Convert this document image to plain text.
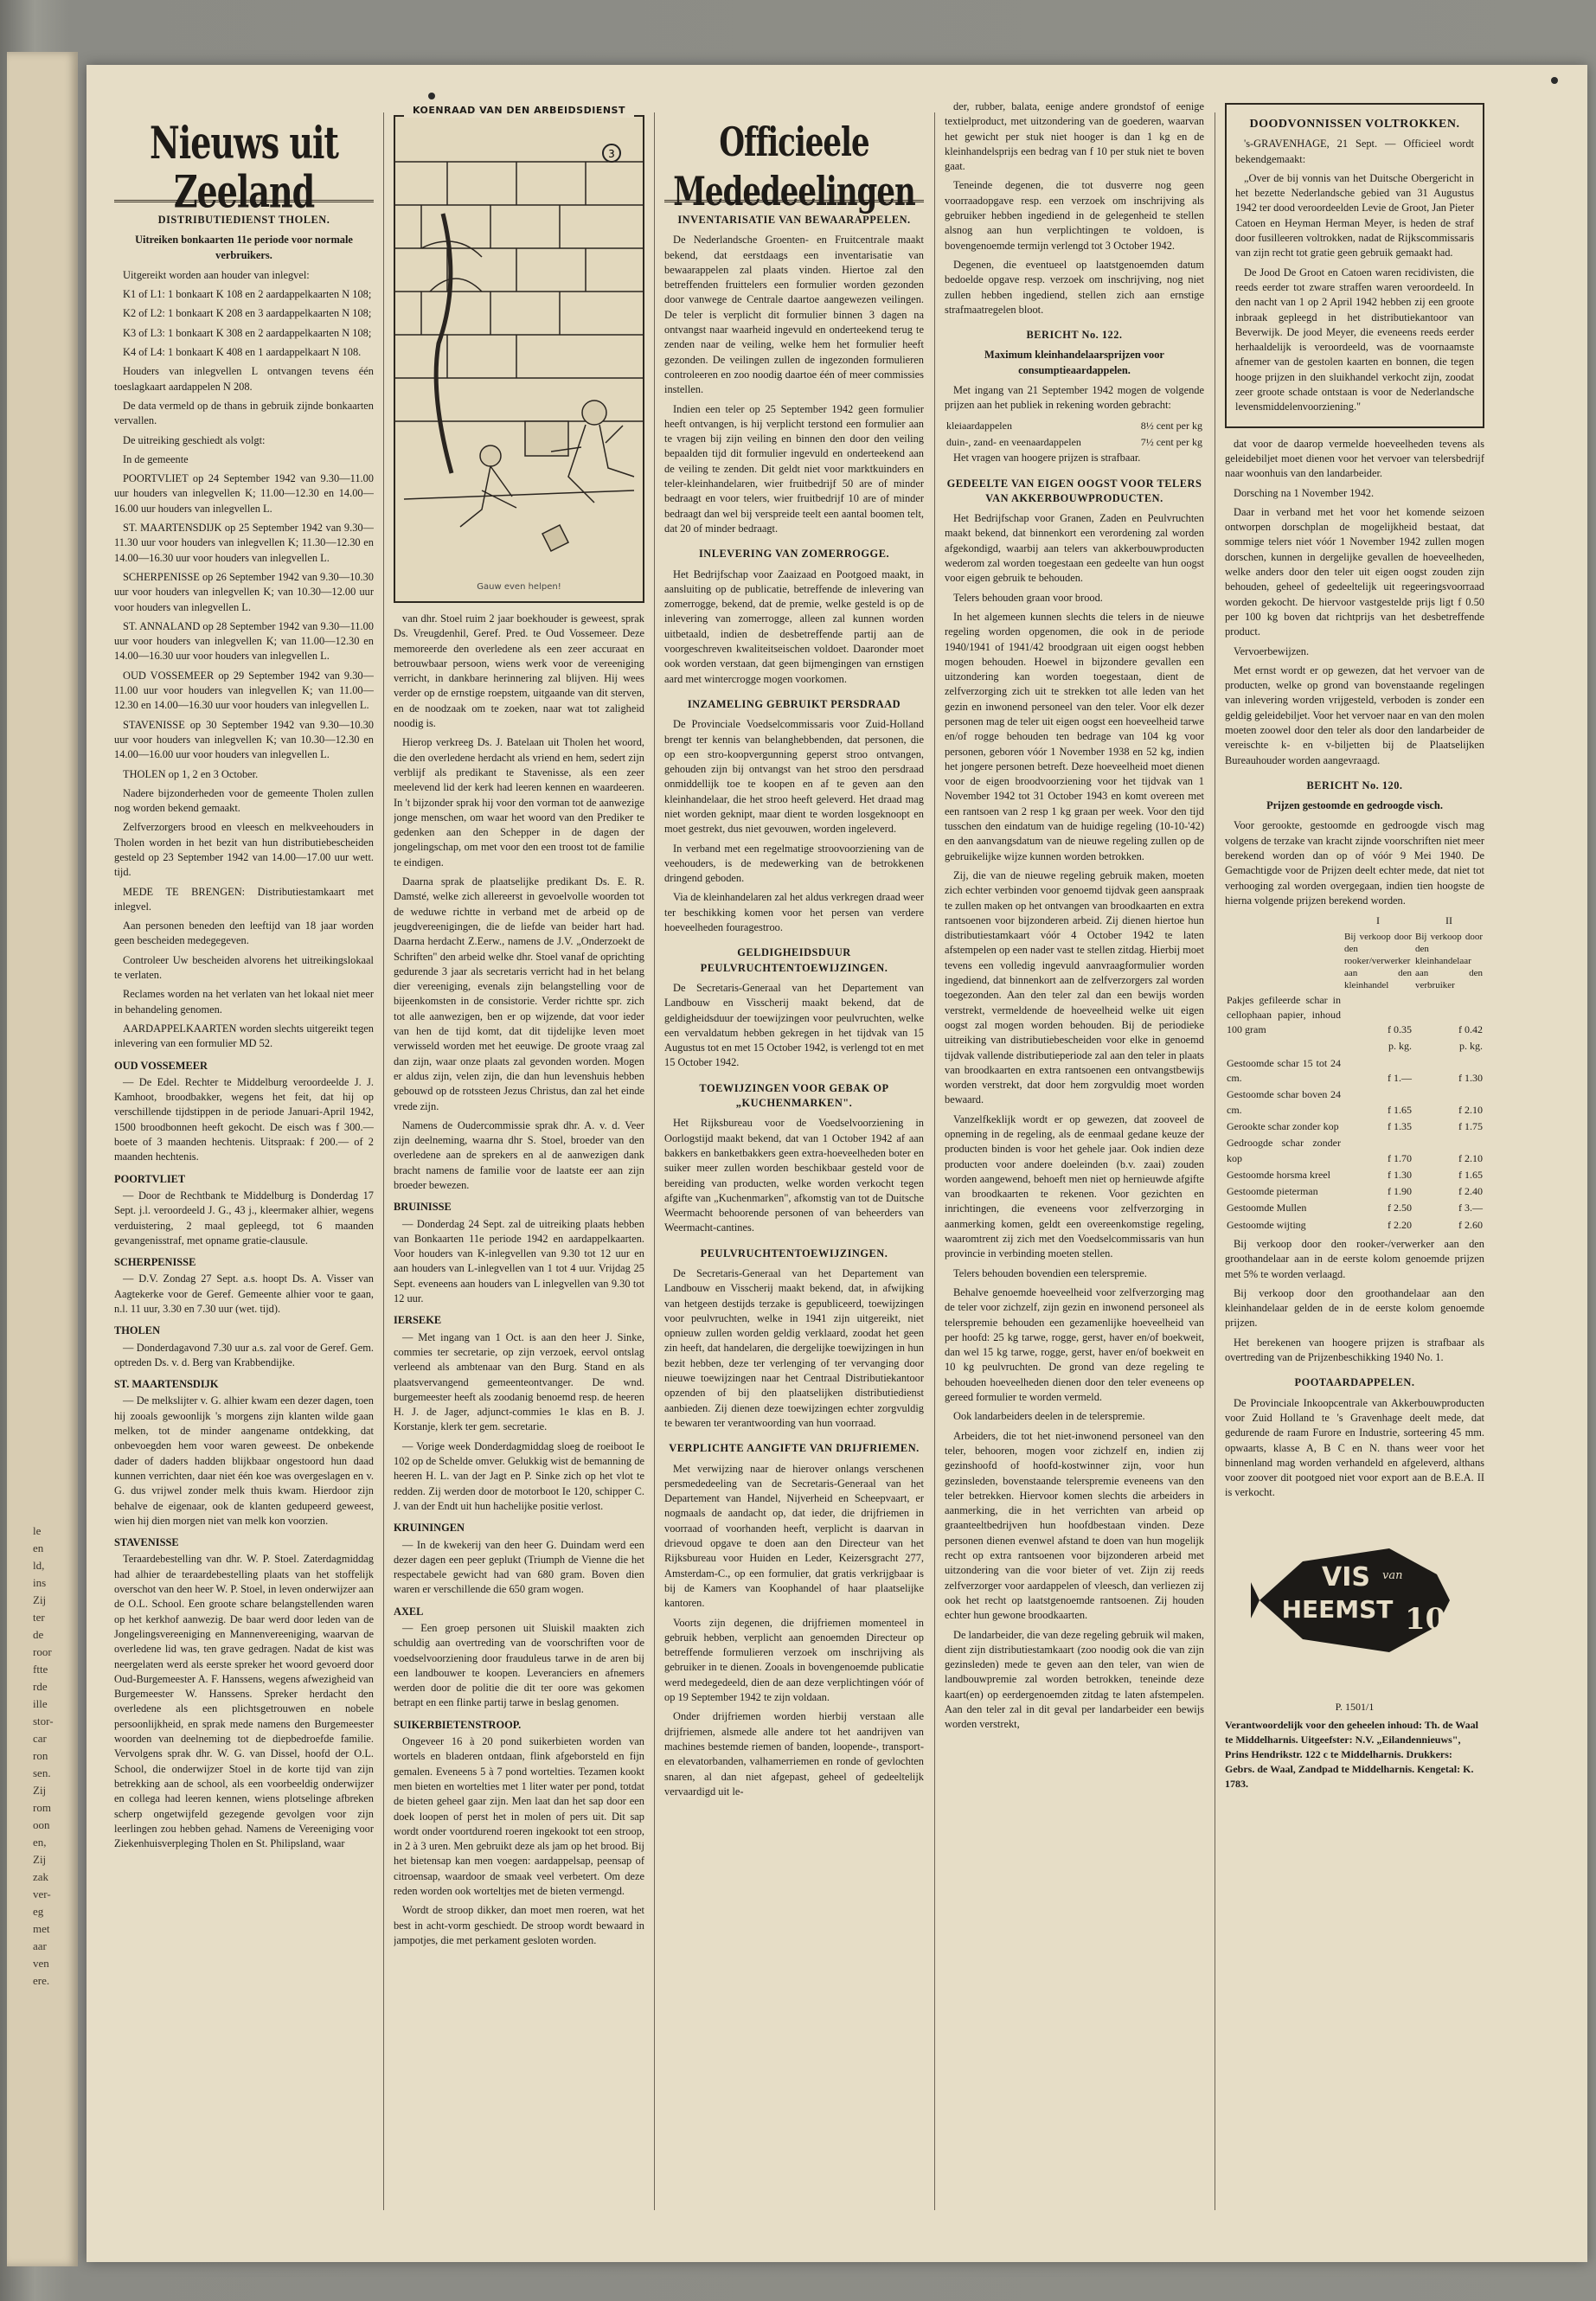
le
en
ld,
ins
Zij
ter
de
roor
ftte
rde
ille
stor-
car
ron
sen.
Zij
rom
oon
en,
Zij
zak
ver-
eg
met
aar
ven
ere.
Nieuws uit Zeeland
DISTRIBUTIEDIENST THOLEN.

Uitreiken bonkaarten 11e periode voor normale verbruikers.

Uitgereikt worden aan houder van inlegvel:

K1 of L1: 1 bonkaart K 108 en 2 aardappelkaarten N 108;

K2 of L2: 1 bonkaart K 208 en 3 aardappelkaarten N 108;

K3 of L3: 1 bonkaart K 308 en 2 aardappelkaarten N 108;

K4 of L4: 1 bonkaart K 408 en 1 aardappelkaart N 108.

Houders van inlegvellen L ontvangen tevens één toeslagkaart aardappelen N 208.

De data vermeld op de thans in gebruik zijnde bonkaarten vervallen.

De uitreiking geschiedt als volgt:

In de gemeente

POORTVLIET op 24 September 1942 van 9.30—11.00 uur houders van inlegvellen K; 11.00—12.30 en 14.00—16.00 uur houders van inlegvellen L.

ST. MAARTENSDIJK op 25 September 1942 van 9.30—11.30 uur voor houders van inlegvellen K; 11.30—12.30 en 14.00—16.30 uur voor houders van inlegvellen L.

SCHERPENISSE op 26 September 1942 van 9.30—10.30 uur voor houders van inlegvellen K; van 10.30—12.00 uur voor houders van inlegvellen L.

ST. ANNALAND op 28 September 1942 van 9.30—11.00 uur voor houders van inlegvellen K; van 11.00—12.30 en 14.00—16.30 uur voor houders van inlegvellen L.

OUD VOSSEMEER op 29 September 1942 van 9.30—11.00 uur voor houders van inlegvellen K; van 11.00—12.30 en 14.00—16.30 uur voor houders van inlegvellen L.

STAVENISSE op 30 September 1942 van 9.30—10.30 uur voor houders van inlegvellen K; van 10.30—12.30 en 14.00—16.00 uur voor houders van inlegvellen L.

THOLEN op 1, 2 en 3 October.

Nadere bijzonderheden voor de gemeente Tholen zullen nog worden bekend gemaakt.

Zelfverzorgers brood en vleesch en melkveehouders in Tholen worden in het bezit van hun distributiebescheiden gesteld op 23 September 1942 van 14.00—17.00 uur wett. tijd.

MEDE TE BRENGEN: Distributiestamkaart met inlegvel.

Aan personen beneden den leeftijd van 18 jaar worden geen bescheiden medegegeven.

Controleer Uw bescheiden alvorens het uitreikingslokaal te verlaten.

Reclames worden na het verlaten van het lokaal niet meer in behandeling genomen.

AARDAPPELKAARTEN worden slechts uitgereikt tegen inlevering van een formulier MD 52.

OUD VOSSEMEER

— De Edel. Rechter te Middelburg veroordeelde J. J. Kamhoot, broodbakker, wegens het feit, dat hij op verschillende tijdstippen in de periode Januari-April 1942, 1500 broodbonnen heeft gekocht. De eisch was f 300.— boete of 3 maanden hechtenis. Uitspraak: f 200.— of 2 maanden hechtenis.

POORTVLIET

— Door de Rechtbank te Middelburg is Donderdag 17 Sept. j.l. veroordeeld J. G., 43 j., kleermaker alhier, wegens verduistering, 2 maal gepleegd, tot 6 maanden gevangenisstraf, met opname gratie-clausule.

SCHERPENISSE

— D.V. Zondag 27 Sept. a.s. hoopt Ds. A. Visser van Aagtekerke voor de Geref. Gemeente alhier voor te gaan, n.l. 11 uur, 3.30 en 7.30 uur (wet. tijd).

THOLEN

— Donderdagavond 7.30 uur a.s. zal voor de Geref. Gem. optreden Ds. v. d. Berg van Krabbendijke.

ST. MAARTENSDIJK

— De melkslijter v. G. alhier kwam een dezer dagen, toen hij zooals gewoonlijk 's morgens zijn klanten wilde gaan melken, tot de minder aangename ontdekking, dat onbevoegden hem voor waren geweest. De onbekende dader of daders hadden blijkbaar ongestoord hun daad kunnen verrichten, daar niet één koe was overgeslagen en v. G. dus vrijwel zonder melk thuis kwam. Hierdoor zijn behalve de eigenaar, ook de klanten gedupeerd geweest, wien hij dien morgen niet van melk kon voorzien.

STAVENISSE

Teraardebestelling van dhr. W. P. Stoel. Zaterdagmiddag had alhier de teraardebestelling plaats van het stoffelijk overschot van den heer W. P. Stoel, in leven onderwijzer aan de O.L. School. Een groote schare belangstellenden waren op het kerkhof aanwezig. De baar werd door leden van de Jongelingsvereeniging en Mannenvereeniging, waarvan de overledene lid was, ten grave gedragen. Nadat de kist was neergelaten werd als eerste spreker het woord gevoerd door Oud-Burgemeester A. F. Hanssens, wegens afwezigheid van Burgemeester W. Hanssens. Spreker herdacht den overledene als een plichtsgetrouwen en nobele persoonlijkheid, en sprak mede namens den Burgemeester woorden van deelneming tot de diepbedroefde familie. Vervolgens sprak dhr. W. G. van Dissel, hoofd der O.L. School, die onderwijzer Stoel in de korte tijd van zijn betrekking aan de school, als een voorbeeldig onderwijzer en collega had leeren kennen, wiens plotselinge afbreken scherp ongetwijfeld gezegende gevolgen voor zijn leerlingen zou hebben gehad. Namens de Vereeniging voor Ziekenhuisverpleging Tholen en St. Philipsland, waar

KOENRAAD VAN DEN ARBEIDSDIENST
3
Gauw even helpen!

van dhr. Stoel ruim 2 jaar boekhouder is geweest, sprak Ds. Vreugdenhil, Geref. Pred. te Oud Vossemeer. Deze memoreerde den overledene als een zeer accuraat en betrouwbaar persoon, wiens werk voor de vereeniging verricht, in dankbare herinnering zal blijven. Hij wees verder op de ernstige roepstem, uitgaande van dit sterven, en de noodzaak om te zoeken, naar wat tot zaligheid noodig is.

Hierop verkreeg Ds. J. Batelaan uit Tholen het woord, die den overledene herdacht als vriend en hem, sedert zijn verblijf als predikant te Stavenisse, als een zeer meelevend lid der kerk had leeren kennen en waardeeren. In 't bijzonder sprak hij voor den vorman tot de aanwezige jonge menschen, om waar het woord van den Prediker te gedenken aan den Schepper in de dagen der jongelingschap, om met voor den een troost tot de familie te eindigen.

Daarna sprak de plaatselijke predikant Ds. E. R. Damsté, welke zich allereerst in gevoelvolle woorden tot de weduwe richtte in verband met de arbeid op de jeugdvereenigingen, die de liefde van beider hart had. Daarna herdacht Z.Eerw., namens de J.V. „Onderzoekt de Schriften" den arbeid welke dhr. Stoel vanaf de oprichting gedurende 3 jaar als secretaris verricht had in het belang dier vereeniging, evenals zijn belangstelling voor de bijeenkomsten in de consistorie. Verder richtte spr. zich tot alle aanwezigen, ben er op wijzende, dat voor ieder van hen de tijd komt, dat dit tijdelijke leven moet verwisseld worden met het eeuwige. De groote vraag zal dan zijn, waar onze plaats zal gevonden worden. Mogen er aldus zijn, velen zijn, die dan hun levenshuis hebben gebouwd op de rotssteen Jezus Christus, dan zal het einde vrede zijn.

Namens de Oudercommissie sprak dhr. A. v. d. Veer zijn deelneming, waarna dhr S. Stoel, broeder van den overledene aan de sprekers en al de aanwezigen dank bracht namens de familie voor de laatste eer aan zijn broeder bewezen.

BRUINISSE

— Donderdag 24 Sept. zal de uitreiking plaats hebben van Bonkaarten 11e periode 1942 en aardappelkaarten. Voor houders van K-inlegvellen van 9.30 tot 12 uur en aan houders van L-inlegvellen van 1 tot 4 uur. Vrijdag 25 Sept. eveneens aan houders van L inlegvellen van 9.30 tot 12 uur.

IERSEKE

— Met ingang van 1 Oct. is aan den heer J. Sinke, commies ter secretarie, op zijn verzoek, eervol ontslag verleend als ambtenaar van den Burg. Stand en als plaatsvervangend gemeenteontvanger. De wnd. burgemeester heeft als zoodanig benoemd resp. de heeren H. J. de Jager, adjunct-commies 1e klas en B. J. Korstanje, klerk ter gem. secretarie.

— Vorige week Donderdagmiddag sloeg de roeiboot Ie 102 op de Schelde omver. Gelukkig wist de bemanning de heeren H. L. van der Jagt en P. Sinke zich op het vlot te redden. Zij werden door de motorboot Ie 120, schipper C. J. van der Endt uit hun hachelijke positie verlost.

KRUININGEN

— In de kwekerij van den heer G. Duindam werd een dezer dagen een peer geplukt (Triumph de Vienne die het respectabele gewicht had van 680 gram. Boven dien waren er verschillende die 650 gram wogen.

AXEL

— Een groep personen uit Sluiskil maakten zich schuldig aan overtreding van de voorschriften voor de voedselvoorziening door frauduleus tarwe in de aren bij een landbouwer te koopen. Leveranciers en afnemers werden door de politie die dit ter oore was gekomen betrapt en een flinke partij tarwe in beslag genomen.

SUIKERBIETENSTROOP.

Ongeveer 16 à 20 pond suikerbieten worden van wortels en bladeren ontdaan, flink afgeborsteld en fijn gemalen. Eveneens 5 à 7 pond wortelties. Tezamen kookt men bieten en wortelties met 1 liter water per pond, totdat de bieten geheel gaar zijn. Men laat dan het sap door een doek loopen of perst het in molen of pers uit. Dit sap wordt onder voortdurend roeren ingekookt tot een stroop, in 2 à 3 uren. Men gebruikt deze als jam op het brood. Bij het bietensap kan men voegen: aardappelsap, peensap of citroensap, waardoor de smaak veel verbetert. Om deze reden worden ook worteltjes met de bieten vermengd.

Wordt de stroop dikker, dan moet men roeren, wat het best in acht-vorm geschiedt. De stroop wordt bewaard in jampotjes, die met perkament gesloten worden.

Officieele Mededeelingen
INVENTARISATIE VAN BEWAARAPPELEN.

De Nederlandsche Groenten- en Fruitcentrale maakt bekend, dat eerstdaags een inventarisatie van bewaarappelen zal plaats vinden. Hiertoe zal den betreffenden fruittelers een formulier worden gezonden door vanwege de Centrale daartoe aangewezen veilingen. De teler is verplicht dit formulier binnen 3 dagen na ontvangst naar waarheid ingevuld en onderteekend terug te zenden naar de veiling, welke hem het formulier heeft gezonden. De veilingen zullen de ingezonden formulieren controleeren en zoo noodig daartoe één of meer commissies instellen.

Indien een teler op 25 September 1942 geen formulier heeft ontvangen, is hij verplicht terstond een formulier aan te vragen bij zijn veiling en binnen den door den veiling bepaalden tijd dit formulier ingevuld en onderteekend aan de veiling te zenden. Dit geldt niet voor marktkuinders en teler-kleinhandelaren, wier fruitbedrijf 50 are of minder bedraagt en voor telers, wier fruitbedrijf 10 are of minder bedraagt dan wel bij verspreide teelt een aantal boomen telt, dat 20 of minder bedraagt.

INLEVERING VAN ZOMERROGGE.

Het Bedrijfschap voor Zaaizaad en Pootgoed maakt, in aansluiting op de publicatie, betreffende de inlevering van zomerrogge, bekend, dat de premie, welke gesteld is op de inlevering van zomerrogge, alleen zal kunnen worden uitbetaald, indien de desbetreffende partij aan de voorgeschreven kwaliteitseischen voldoet. Daaronder moet ook worden verstaan, dat geen bijmengingen van ernstigen aard met wintercrogge mogen voorkomen.

INZAMELING GEBRUIKT PERSDRAAD

De Provinciale Voedselcommissaris voor Zuid-Holland brengt ter kennis van belanghebbenden, dat personen, die op een stro-koopvergunning geperst stroo ontvangen, gehouden zijn bij ontvangst van het stroo den persdraad onmiddellijk toe te koopen en af te geven aan den kleinhandelaar, die het stroo heeft geleverd. Het draad mag niet worden geknipt, maar dient te worden losgeknoopt en moet gestrekt, dus niet gevouwen, worden ingeleverd.

In verband met een regelmatige stroovoorziening van de veehouders, is de medewerking van de betrokkenen dringend geboden.

Via de kleinhandelaren zal het aldus verkregen draad weer ter beschikking komen voor het persen van verdere hoeveelheden fouragestroo.

GELDIGHEIDSDUUR PEULVRUCHTENTOEWIJZINGEN.

De Secretaris-Generaal van het Departement van Landbouw en Visscherij maakt bekend, dat de geldigheidsduur der toewijzingen voor peulvruchten, welke een vervaldatum hebben gekregen in het tijdvak van 15 Augustus tot en met 15 October 1942, is verlengd tot en met 15 October 1942.

TOEWIJZINGEN VOOR GEBAK OP „KUCHENMARKEN".

Het Rijksbureau voor de Voedselvoorziening in Oorlogstijd maakt bekend, dat van 1 October 1942 af aan bakkers en banketbakkers geen extra-hoeveelheden boter en suiker meer zullen worden beschikbaar gesteld voor de bereiding van producten, welke worden verkocht tegen afgifte van „Kuchenmarken", afkomstig van tot de Duitsche Weermacht behoorende personen of van beheerders van Weermacht-cantines.

PEULVRUCHTENTOEWIJZINGEN.

De Secretaris-Generaal van het Departement van Landbouw en Visscherij maakt bekend, dat, in afwijking van hetgeen destijds terzake is gepubliceerd, toewijzingen voor peulvruchten, welke in 1941 zijn uitgereikt, niet opnieuw zullen worden geldig verklaard, zoodat het geen zin heeft, dat handelaren, die dergelijke toewijzingen in hun bezit hebben, deze ter verlenging of ter vervanging door nieuwe toewijzingen naar het Centraal Distributiekantoor opzenden of bij den plaatselijken distributiedienst aanbieden. Zij dienen deze toewijzingen echter zorgvuldig te bewaren ter verantwoording van hun voorraad.

VERPLICHTE AANGIFTE VAN DRIJFRIEMEN.

Met verwijzing naar de hierover onlangs verschenen persmededeeling van de Secretaris-Generaal van het Departement van Handel, Nijverheid en Scheepvaart, er nogmaals de aandacht op, dat ieder, die drijfriemen in voorraad of voorhanden heeft, verplicht is daarvan in drievoud opgave te doen aan den Directeur van het Rijksbureau voor Huiden en Leder, Keizersgracht 277, Amsterdam-C., op een formulier, dat gratis verkrijgbaar is bij de Kamers van Koophandel of haar plaatselijke kantoren.

Voorts zijn degenen, die drijfriemen momenteel in gebruik hebben, verplicht aan genoemden Directeur op betreffende formulieren verzoek om inschrijving als gebruiker in te dienen. Zooals in bovengenoemde publicatie werd medegedeeld, dien de aan deze verplichtingen vóór of op 19 September 1942 te zijn voldaan.

Onder drijfriemen worden hierbij verstaan alle drijfriemen, alsmede alle andere tot het aandrijven van machines bestemde riemen of banden, loopende-, transport- en elevatorbanden, valhamerriemen en ronde of gevlochten snaren, al dan niet afgepast, geheel of gedeeltelijk vervaardigd uit le-

der, rubber, balata, eenige andere grondstof of eenige textielproduct, met uitzondering van de goederen, waarvan het gewicht per stuk niet hooger is dan 1 kg en de kleinhandelsprijs een bedrag van f 10 per stuk niet te boven gaat.

Teneinde degenen, die tot dusverre nog geen voorraadopgave resp. een verzoek om inschrijving als gebruiker hebben ingediend in de gelegenheid te stellen alsnog aan hun verplichtingen te voldoen, is bovengenoemde termijn verlengd tot 3 October 1942.

Degenen, die eventueel op laatstgenoemden datum bedoelde opgave resp. verzoek om inschrijving, nog niet zullen hebben ingediend, stellen zich aan ernstige strafmaatregelen bloot.

BERICHT No. 122.

Maximum kleinhandelaarsprijzen voor consumptieaardappelen.

Met ingang van 21 September 1942 mogen de volgende prijzen aan het publiek in rekening worden gebracht:

kleiaardappelen	8½ cent per kg
duin-, zand- en veenaardappelen	7½ cent per kg

Het vragen van hoogere prijzen is strafbaar.

GEDEELTE VAN EIGEN OOGST VOOR TELERS VAN AKKERBOUWPRODUCTEN.

Het Bedrijfschap voor Granen, Zaden en Peulvruchten maakt bekend, dat binnenkort een verordening zal worden afgekondigd, waarbij aan telers van akkerbouwproducten wederom zal worden toegestaan een gedeelte van hun oogst voor eigen gebruik te behouden.

Telers behouden graan voor brood.

In het algemeen kunnen slechts die telers in de nieuwe regeling worden opgenomen, die ook in de periode 1940/1941 of 1941/42 broodgraan uit eigen oogst hebben mogen behouden. Hoewel in bijzondere gevallen een uitzondering kan worden toegestaan, dient de zelfverzorging zich uit te strekken tot alle leden van het gezin en inwonend personeel van den teler. Voor elk dezer personen mag de teler uit eigen oogst een hoeveelheid tarwe en/of rogge behouden ten bedrage van 104 kg voor personen, geboren vóór 1 November 1938 en 52 kg, indien het jongere personen betreft. Deze hoeveelheid moet dienen voor de eigen broodvoorziening voor het tijdvak van 1 November 1942 tot 31 October 1943 en komt overeen met een rantsoen van 2 resp 1 kg graan per week. Voor den tijd tusschen den eindatum van de huidige regeling (10-10-'42) en den aanvangsdatum van de nieuwe regeling zullen op de gebruikelijke wijze kunnen worden betrokken.

Zij, die van de nieuwe regeling gebruik maken, moeten zich echter verbinden voor genoemd tijdvak geen aanspraak te zullen maken op het ontvangen van broodkaarten en extra rantsoenen voor bijzonderen arbeid. Zij dienen hiertoe hun distributiestamkaart vóór 4 October 1942 te laten afstempelen op een nader vast te stellen zitdag. Hierbij moet tevens een volledig ingevuld aanvraagformulier worden ingediend, dat binnenkort aan de zelfverzorgers zal worden toegezonden. Aan den teler zal dan een bewijs worden verstrekt, vermeldende de hoeveelheid welke uit eigen oogst zal mogen worden behouden. Bij de periodieke uitreiking van distributiebescheiden voor elke in genoemd tijdvak vallende distributieperiode zal aan den teler in plaats van broodkaarten en extra rantsoenen een ontvangstbewijs worden verstrekt, dat door hem zorgvuldig moet worden bewaard.

Vanzelfkeklijk wordt er op gewezen, dat zooveel de opneming in de regeling, als de eenmaal gedane keuze der producten binden is voor het gehele jaar. Ook indien deze producten voor andere doeleinden (b.v. zaai) zouden worden aangewend, behoeft men niet op hernieuwde afgifte van broodkaarten te rekenen. Voor gezichten en inrichtingen, die eveneens voor zelfverzorging in aanmerking komen, geldt een overeenkomstige regeling, waaromtrent zij zich met den Voedselcommissaris van hun provincie in verbinding moeten stellen.

Telers behouden bovendien een telerspremie.

Behalve genoemde hoeveelheid voor zelfverzorging mag de teler voor zichzelf, zijn gezin en inwonend personeel als telerspremie behouden een gezamenlijke hoeveelheid van per hoofd: 25 kg tarwe, rogge, gerst, haver en/of boekweit, dan wel 15 kg tarwe, rogge, gerst, haver en/of boekweit en 10 kg peulvruchten. De grond van deze regeling te behouden hoeveelheden dienen door den teler eveneens op gereed formulier te worden vermeld.

Ook landarbeiders deelen in de telerspremie.

Arbeiders, die tot het niet-inwonend personeel van den teler, behooren, mogen voor zichzelf en, indien zij gezinshoofd of hoofd-kostwinner zijn, voor hun gezinsleden, bovenstaande telerspremie eveneens van den teler betrekken. Hiervoor komen slechts die arbeiders in aanmerking, die in het verrichten van arbeid op graanteeltbedrijven hun hoofdbestaan vinden. Deze personen dienen evenwel afstand te doen van hun mogelijk recht op extra rantsoenen voor bijzonderen arbeid met uitzondering van die voor bieter of vet. Zijn zij reeds zelfverzorger voor aardappelen of vleesch, dan verliezen zij ook het recht op laatstgenoemde rantsoenen. Zij houden echter hun gewone broodkaarten.

De landarbeider, die van deze regeling gebruik wil maken, dient zijn distributiestamkaart (zoo noodig ook die van zijn gezinsleden) mede te geven aan den teler, van wien de landbouwpremie zal worden betrokken, teneinde deze kaart(en) op eerdergenoemden zitdag te laten afstempelen. Aan den teler zal in dit geval per landarbeider een bewijs worden verstrekt,

DOODVONNISSEN VOLTROKKEN.

's-GRAVENHAGE, 21 Sept. — Officieel wordt bekendgemaakt:

„Over de bij vonnis van het Duitsche Obergericht in het bezette Nederlandsche gebied van 31 Augustus 1942 ter dood veroordeelden Levie de Groot, Jan Pieter Catoen en Heyman Herman Meyer, is heden de straf door fusilleeren voltrokken, nadat de Rijkscommissaris van zijn recht tot gratie geen gebruik gemaakt had.

De Jood De Groot en Catoen waren recidivisten, die reeds eerder tot zware straffen waren veroordeeld. In den nacht van 1 op 2 April 1942 hebben zij een groote inbraak gepleegd in het distributiekantoor van Beverwijk. De jood Meyer, die eveneens reeds eerder herhaaldelijk is veroordeeld, was de voornaamste afnemer van de gestolen kaarten en bonnen, die tegen hooge prijzen in den sluikhandel verkocht zijn, zoodat zeer groote schade ontstaan is voor de Nederlandsche levensmiddelenvoorziening."

dat voor de daarop vermelde hoeveelheden tevens als geleidebiljet moet dienen voor het vervoer van telersbedrijf naar woonhuis van den landarbeider.

Dorsching na 1 November 1942.

Daar in verband met het voor het komende seizoen ontworpen dorschplan de mogelijkheid bestaat, dat sommige telers niet vóór 1 November 1942 zullen mogen dorschen, kunnen in dergelijke gevallen de hoeveelheden, welke anders door den teler uit eigen oogst zouden zijn behouden, geheel of gedeeltelijk uit regeeringsvoorraad worden gekocht. De hiervoor vastgestelde prijs ligt f 0.50 per 100 kg boven dat richtprijs van het desbetreffende product.

Vervoerbewijzen.

Met ernst wordt er op gewezen, dat het vervoer van de producten, welke op grond van bovenstaande regelingen van inlevering worden vrijgesteld, verboden is zonder een geldig geleidebiljet. Voor het vervoer naar en van den molen moeten zoowel door den teler als door den landarbeider de vereischte k- en v-biljetten bij de Plaatselijken Bureauhouder worden aangevraagd.

BERICHT No. 120.

Prijzen gestoomde en gedroogde visch.

Voor gerookte, gestoomde en gedroogde visch mag volgens de terzake van kracht zijnde voorschriften niet meer berekend worden dan op of vóór 9 Mei 1940. De Gemachtigde voor de Prijzen deelt echter mede, dat niet tot verhooging zal worden overgegaan, indien tien hoogste de hierna volgende prijzen berekend worden.

	I	II
	Bij verkoop door den rooker/verwerker aan den kleinhandel	Bij verkoop door den kleinhandelaar aan den verbruiker
Pakjes gefileerde schar in cellophaan papier, inhoud 100 gram	f 0.35	f 0.42
	p. kg.	p. kg.
Gestoomde schar 15 tot 24 cm.	f 1.—	f 1.30
Gestoomde schar boven 24 cm.	f 1.65	f 2.10
Gerookte schar zonder kop	f 1.35	f 1.75
Gedroogde schar zonder kop	f 1.70	f 2.10
Gestoomde horsma kreel	f 1.30	f 1.65
Gestoomde pieterman	f 1.90	f 2.40
Gestoomde Mullen	f 2.50	f 3.—
Gestoomde wijting	f 2.20	f 2.60

Bij verkoop door den rooker-/verwerker aan den groothandelaar aan in de eerste kolom genoemde prijzen met 5% te worden verlaagd.

Bij verkoop door den groothandelaar aan den kleinhandelaar gelden de in de eerste kolom genoemde prijzen.

Het berekenen van hoogere prijzen is strafbaar als overtreding van de Prijzenbeschikking 1940 No. 1.

POOTAARDAPPELEN.

De Provinciale Inkoopcentrale van Akkerbouwproducten voor Zuid Holland te 's Gravenhage deelt mede, dat gedurende de raam Furore en Industrie, sorteering 45 mm. opwaarts, klasse A, B C en N. thans weer voor het binnenland mag worden verhandeld en afgeleverd, althans voor zoover dit pootgoed niet voor export aan de B.E.A. II is verkocht.

VIS van
HEEMST 10
P. 1501/1
Verantwoordelijk voor den geheelen inhoud: Th. de Waal te Middelharnis. Uitgeefster: N.V. „Eilandennieuws", Prins Hendrikstr. 122 c te Middelharnis. Drukkers: Gebrs. de Waal, Zandpad te Middelharnis. Kengetal: K. 1783.
